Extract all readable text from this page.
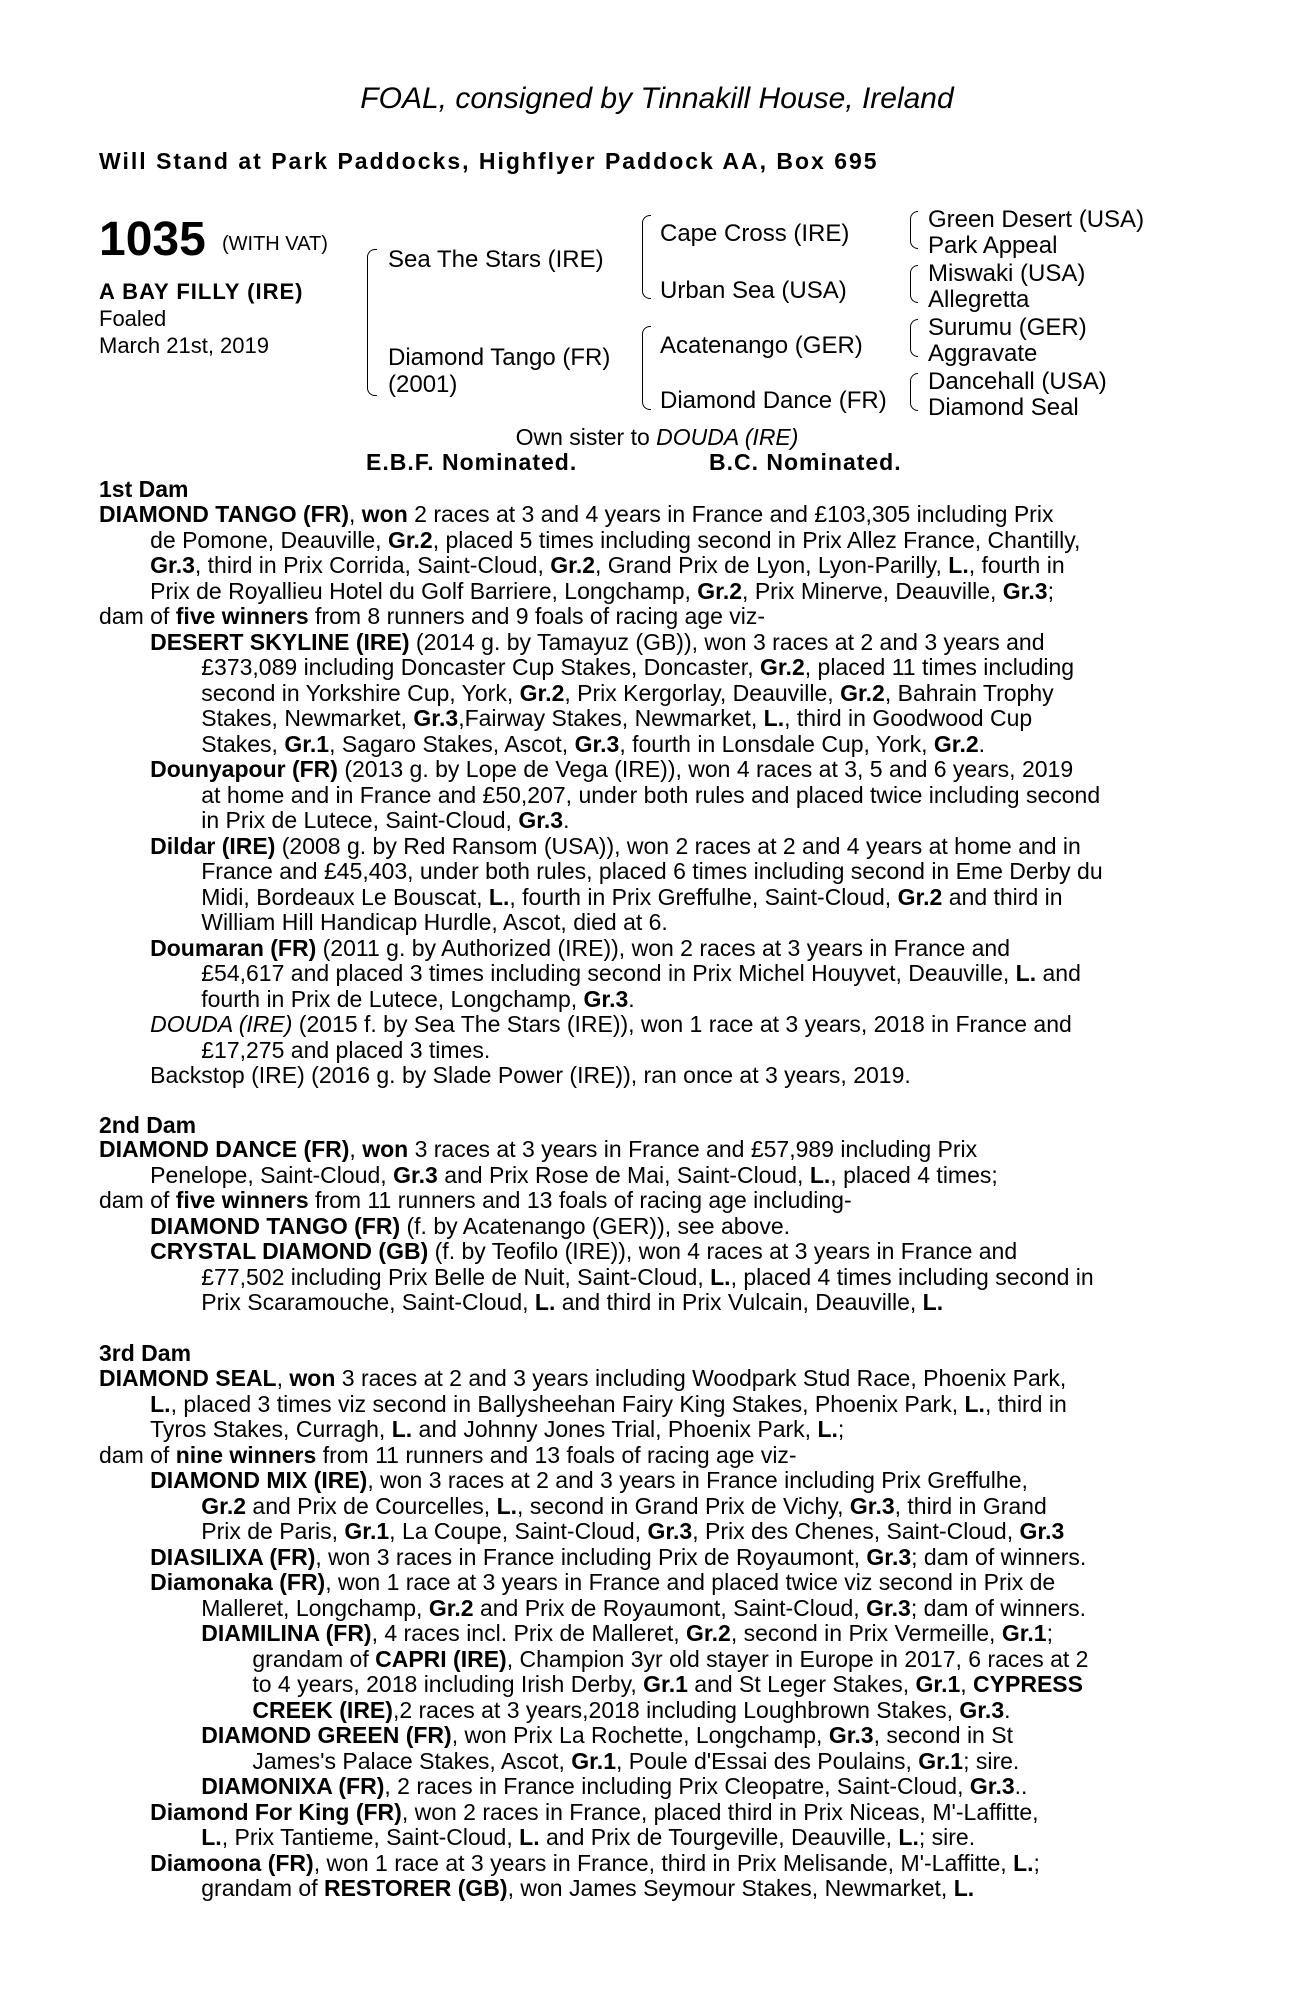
FOAL, consigned by Tinnakill House, Ireland
Will Stand at Park Paddocks, Highflyer Paddock AA, Box 695
1035 (WITH VAT)
A BAY FILLY (IRE)
Foaled
March 21st, 2019
Sea The Stars (IRE)
Diamond Tango (FR)
(2001)
Cape Cross (IRE)
Urban Sea (USA)
Acatenango (GER)
Diamond Dance (FR)
Green Desert (USA)
Park Appeal
Miswaki (USA)
Allegretta
Surumu (GER)
Aggravate
Dancehall (USA)
Diamond Seal
Own sister to DOUDA (IRE)
E.B.F. Nominated.	B.C. Nominated.
1st Dam
DIAMOND TANGO (FR), won 2 races at 3 and 4 years in France and £103,305 including Prix
de Pomone, Deauville, Gr.2, placed 5 times including second in Prix Allez France, Chantilly,
Gr.3, third in Prix Corrida, Saint-Cloud, Gr.2, Grand Prix de Lyon, Lyon-Parilly, L., fourth in
Prix de Royallieu Hotel du Golf Barriere, Longchamp, Gr.2, Prix Minerve, Deauville, Gr.3;
dam of five winners from 8 runners and 9 foals of racing age viz-
DESERT SKYLINE (IRE) (2014 g. by Tamayuz (GB)), won 3 races at 2 and 3 years and
£373,089 including Doncaster Cup Stakes, Doncaster, Gr.2, placed 11 times including
second in Yorkshire Cup, York, Gr.2, Prix Kergorlay, Deauville, Gr.2, Bahrain Trophy
Stakes, Newmarket, Gr.3,Fairway Stakes, Newmarket, L., third in Goodwood Cup
Stakes, Gr.1, Sagaro Stakes, Ascot, Gr.3, fourth in Lonsdale Cup, York, Gr.2.
Dounyapour (FR) (2013 g. by Lope de Vega (IRE)), won 4 races at 3, 5 and 6 years, 2019
at home and in France and £50,207, under both rules and placed twice including second
in Prix de Lutece, Saint-Cloud, Gr.3.
Dildar (IRE) (2008 g. by Red Ransom (USA)), won 2 races at 2 and 4 years at home and in
France and £45,403, under both rules, placed 6 times including second in Eme Derby du
Midi, Bordeaux Le Bouscat, L., fourth in Prix Greffulhe, Saint-Cloud, Gr.2 and third in
William Hill Handicap Hurdle, Ascot, died at 6.
Doumaran (FR) (2011 g. by Authorized (IRE)), won 2 races at 3 years in France and
£54,617 and placed 3 times including second in Prix Michel Houyvet, Deauville, L. and
fourth in Prix de Lutece, Longchamp, Gr.3.
DOUDA (IRE) (2015 f. by Sea The Stars (IRE)), won 1 race at 3 years, 2018 in France and
£17,275 and placed 3 times.
Backstop (IRE) (2016 g. by Slade Power (IRE)), ran once at 3 years, 2019.
2nd Dam
DIAMOND DANCE (FR), won 3 races at 3 years in France and £57,989 including Prix
Penelope, Saint-Cloud, Gr.3 and Prix Rose de Mai, Saint-Cloud, L., placed 4 times;
dam of five winners from 11 runners and 13 foals of racing age including-
DIAMOND TANGO (FR) (f. by Acatenango (GER)), see above.
CRYSTAL DIAMOND (GB) (f. by Teofilo (IRE)), won 4 races at 3 years in France and
£77,502 including Prix Belle de Nuit, Saint-Cloud, L., placed 4 times including second in
Prix Scaramouche, Saint-Cloud, L. and third in Prix Vulcain, Deauville, L.
3rd Dam
DIAMOND SEAL, won 3 races at 2 and 3 years including Woodpark Stud Race, Phoenix Park,
L., placed 3 times viz second in Ballysheehan Fairy King Stakes, Phoenix Park, L., third in
Tyros Stakes, Curragh, L. and Johnny Jones Trial, Phoenix Park, L.;
dam of nine winners from 11 runners and 13 foals of racing age viz-
DIAMOND MIX (IRE), won 3 races at 2 and 3 years in France including Prix Greffulhe,
Gr.2 and Prix de Courcelles, L., second in Grand Prix de Vichy, Gr.3, third in Grand
Prix de Paris, Gr.1, La Coupe, Saint-Cloud, Gr.3, Prix des Chenes, Saint-Cloud, Gr.3
DIASILIXA (FR), won 3 races in France including Prix de Royaumont, Gr.3; dam of winners.
Diamonaka (FR), won 1 race at 3 years in France and placed twice viz second in Prix de
Malleret, Longchamp, Gr.2 and Prix de Royaumont, Saint-Cloud, Gr.3; dam of winners.
DIAMILINA (FR), 4 races incl. Prix de Malleret, Gr.2, second in Prix Vermeille, Gr.1;
grandam of CAPRI (IRE), Champion 3yr old stayer in Europe in 2017, 6 races at 2
to 4 years, 2018 including Irish Derby, Gr.1 and St Leger Stakes, Gr.1, CYPRESS
CREEK (IRE),2 races at 3 years,2018 including Loughbrown Stakes, Gr.3.
DIAMOND GREEN (FR), won Prix La Rochette, Longchamp, Gr.3, second in St
James's Palace Stakes, Ascot, Gr.1, Poule d'Essai des Poulains, Gr.1; sire.
DIAMONIXA (FR), 2 races in France including Prix Cleopatre, Saint-Cloud, Gr.3..
Diamond For King (FR), won 2 races in France, placed third in Prix Niceas, M'-Laffitte,
L., Prix Tantieme, Saint-Cloud, L. and Prix de Tourgeville, Deauville, L.; sire.
Diamoona (FR), won 1 race at 3 years in France, third in Prix Melisande, M'-Laffitte, L.;
grandam of RESTORER (GB), won James Seymour Stakes, Newmarket, L.
